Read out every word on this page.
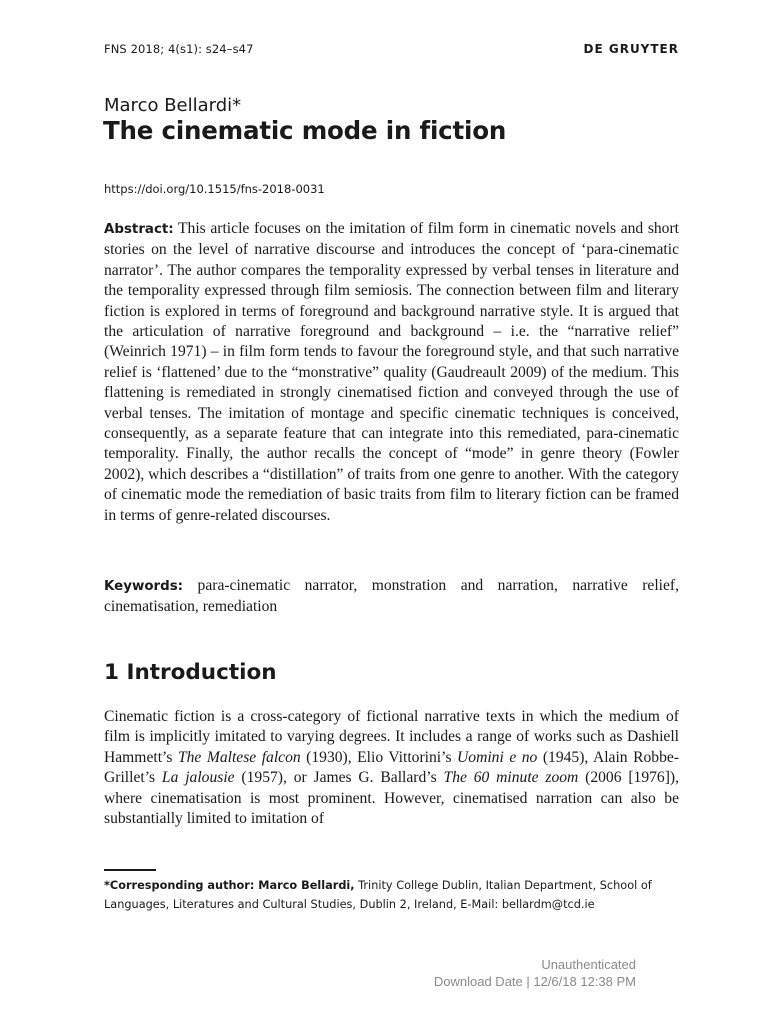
FNS 2018; 4(s1): s24–s47	DE GRUYTER
Marco Bellardi*
The cinematic mode in fiction
https://doi.org/10.1515/fns-2018-0031

Abstract: This article focuses on the imitation of film form in cinematic novels and short stories on the level of narrative discourse and introduces the concept of ‘para-cinematic narrator’. The author compares the temporality expressed by verbal tenses in literature and the temporality expressed through film semiosis. The connection between film and literary fiction is explored in terms of foreground and background narrative style. It is argued that the articulation of narrative foreground and background – i.e. the “narrative relief” (Weinrich 1971) – in film form tends to favour the foreground style, and that such narrative relief is ‘flattened’ due to the “monstrative” quality (Gaudreault 2009) of the medium. This flattening is remediated in strongly cinematised fiction and conveyed through the use of verbal tenses. The imitation of montage and specific cinematic techniques is conceived, consequently, as a separate feature that can integrate into this remediated, para-cinematic temporality. Finally, the author recalls the concept of “mode” in genre theory (Fowler 2002), which describes a “distillation” of traits from one genre to another. With the category of cinematic mode the remediation of basic traits from film to literary fiction can be framed in terms of genre-related discourses.

Keywords: para-cinematic narrator, monstration and narration, narrative relief, cinematisation, remediation

1 Introduction

Cinematic fiction is a cross-category of fictional narrative texts in which the medium of film is implicitly imitated to varying degrees. It includes a range of works such as Dashiell Hammett’s The Maltese falcon (1930), Elio Vittorini’s Uomini e no (1945), Alain Robbe-Grillet’s La jalousie (1957), or James G. Ballard’s The 60 minute zoom (2006 [1976]), where cinematisation is most prominent. However, cinematised narration can also be substantially limited to imitation of

*Corresponding author: Marco Bellardi, Trinity College Dublin, Italian Department, School of Languages, Literatures and Cultural Studies, Dublin 2, Ireland, E-Mail: bellardm@tcd.ie
Unauthenticated
Download Date | 12/6/18 12:38 PM
